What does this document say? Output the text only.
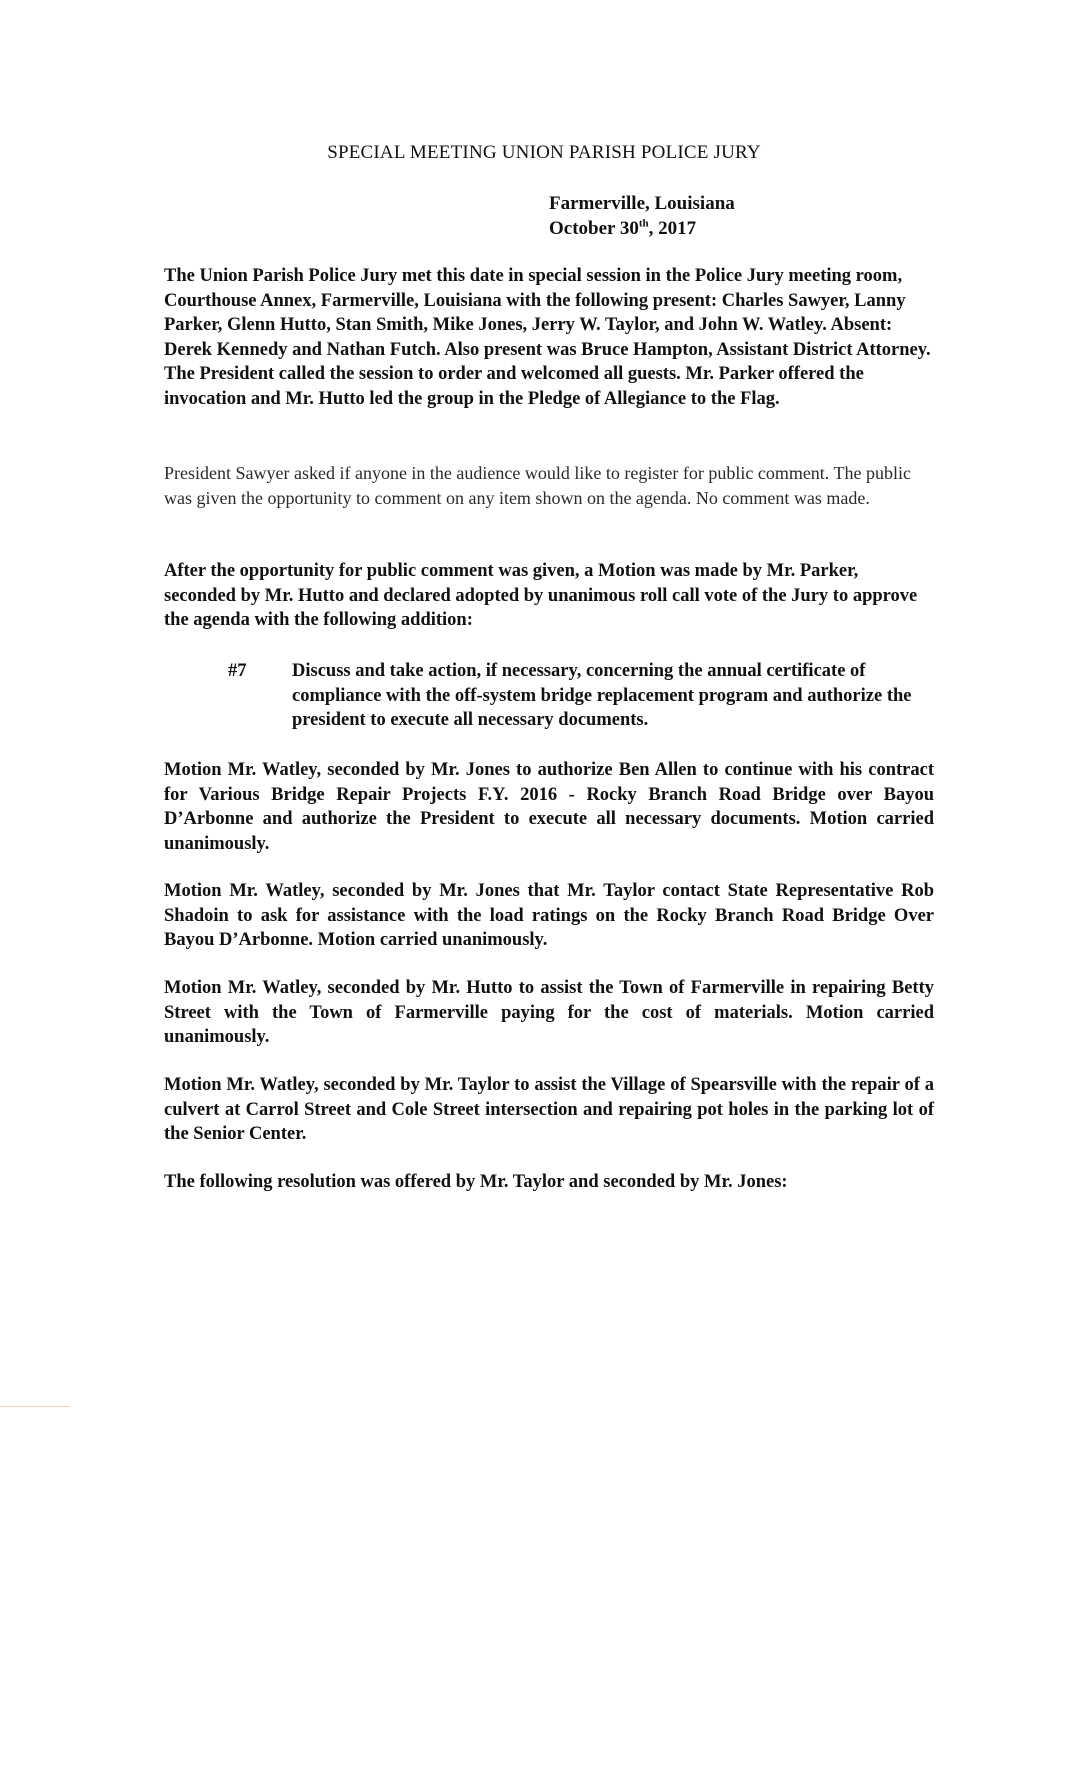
SPECIAL MEETING UNION PARISH POLICE JURY
Farmerville, Louisiana
October 30th, 2017

The Union Parish Police Jury met this date in special session in the Police Jury meeting room, Courthouse Annex, Farmerville, Louisiana with the following present: Charles Sawyer, Lanny Parker, Glenn Hutto, Stan Smith, Mike Jones, Jerry W. Taylor, and John W. Watley. Absent: Derek Kennedy and Nathan Futch. Also present was Bruce Hampton, Assistant District Attorney. The President called the session to order and welcomed all guests. Mr. Parker offered the invocation and Mr. Hutto led the group in the Pledge of Allegiance to the Flag.

President Sawyer asked if anyone in the audience would like to register for public comment. The public was given the opportunity to comment on any item shown on the agenda. No comment was made.

After the opportunity for public comment was given, a Motion was made by Mr. Parker, seconded by Mr. Hutto and declared adopted by unanimous roll call vote of the Jury to approve the agenda with the following addition:

#7 Discuss and take action, if necessary, concerning the annual certificate of compliance with the off-system bridge replacement program and authorize the president to execute all necessary documents.

Motion Mr. Watley, seconded by Mr. Jones to authorize Ben Allen to continue with his contract for Various Bridge Repair Projects F.Y. 2016 - Rocky Branch Road Bridge over Bayou D’Arbonne and authorize the President to execute all necessary documents. Motion carried unanimously.

Motion Mr. Watley, seconded by Mr. Jones that Mr. Taylor contact State Representative Rob Shadoin to ask for assistance with the load ratings on the Rocky Branch Road Bridge Over Bayou D’Arbonne. Motion carried unanimously.

Motion Mr. Watley, seconded by Mr. Hutto to assist the Town of Farmerville in repairing Betty Street with the Town of Farmerville paying for the cost of materials. Motion carried unanimously.

Motion Mr. Watley, seconded by Mr. Taylor to assist the Village of Spearsville with the repair of a culvert at Carrol Street and Cole Street intersection and repairing pot holes in the parking lot of the Senior Center.

The following resolution was offered by Mr. Taylor and seconded by Mr. Jones:
